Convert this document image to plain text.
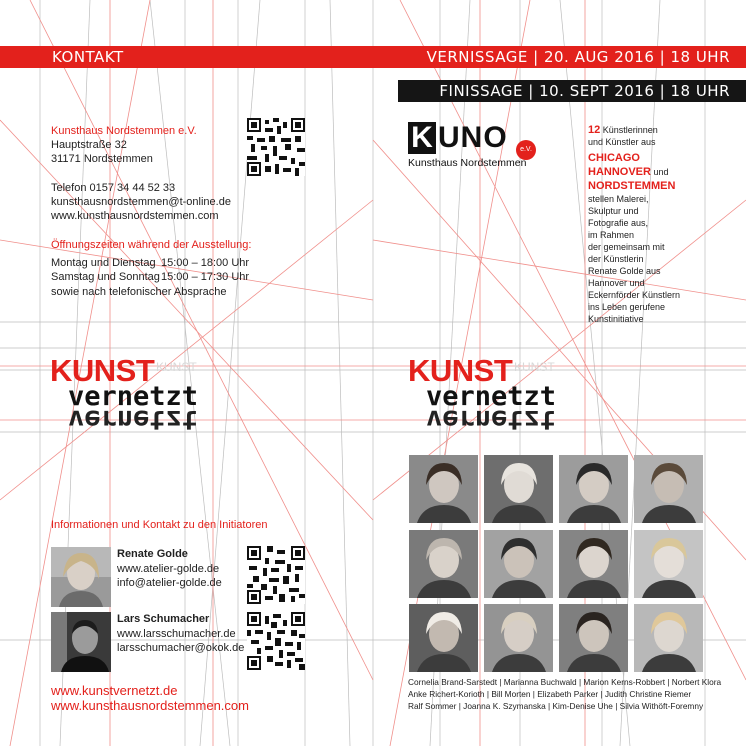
KONTAKT	VERNISSAGE | 20. AUG 2016 | 18 UHR
FINISSAGE | 10. SEPT 2016 | 18 UHR
Kunsthaus Nordstemmen e.V.
Hauptstraße 32
31171 Nordstemmen
Telefon 0157 34 44 52 33
kunsthausnordstemmen@t-online.de
www.kunsthausnordstemmen.com
Öffnungszeiten während der Ausstellung:
Montag und Dienstag 15:00 – 18:00 Uhr
Samstag und Sonntag 15:00 – 17:30 Uhr
sowie nach telefonischer Absprache
KUNST
KUNST
vernetzt
vernetzt
Informationen und Kontakt zu den Initiatoren
Renate Golde
www.atelier-golde.de
info@atelier-golde.de
Lars Schumacher
www.larsschumacher.de
larsschumacher@okok.de
www.kunstvernetzt.de
www.kunsthausnordstemmen.com
K UNO	e.V.
Kunsthaus Nordstemmen
12 Künstlerinnen
und Künstler aus
CHICAGO
HANNOVER und
NORDSTEMMEN
stellen Malerei,
Skulptur und
Fotografie aus,
im Rahmen
der gemeinsam mit
der Künstlerin
Renate Golde aus
Hannover und
Eckernförder Künstlern
ins Leben gerufene
Kunstinitiative
KUNST
KUNST
vernetzt
vernetzt
Cornelia Brand-Sarstedt | Marianna Buchwald | Marion Kerns-Robbert | Norbert Klora
Anke Richert-Korioth | Bill Morten | Elizabeth Parker | Judith Christine Riemer
Ralf Sommer | Joanna K. Szymanska | Kim-Denise Uhe | Silvia Withöft-Foremny
